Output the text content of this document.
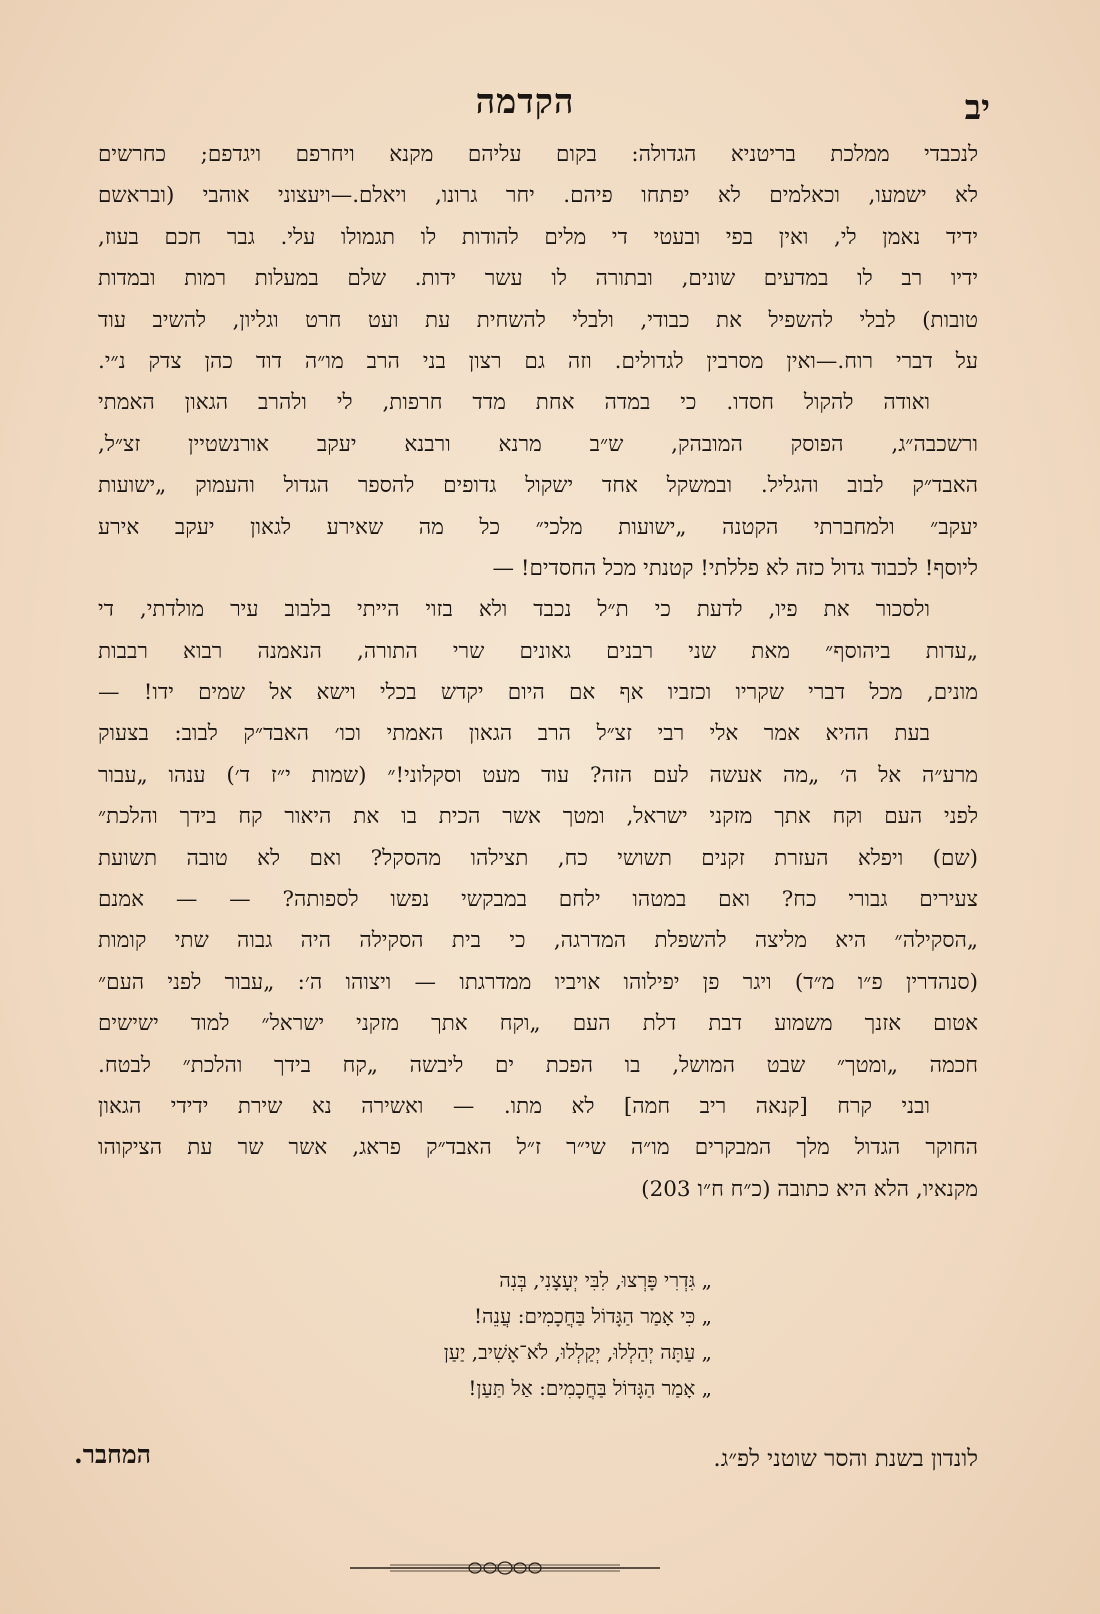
יב
הקדמה
לנכבדי ממלכת בריטניא הגדולה: בקום עליהם מקנא ויחרפם ויגדפם; כחרשים
לא ישמעו, וכאלמים לא יפתחו פיהם. יחר גרונו, ויאלם.—ויעצוני אוהבי (ובראשם
ידיד נאמן לי, ואין בפי ובעטי די מלים להודות לו תגמולו עלי. גבר חכם בעוז,
ידיו רב לו במדעים שונים, ובתורה לו עשר ידות. שלם במעלות רמות ובמדות
טובות) לבלי להשפיל את כבודי, ולבלי להשחית עת ועט חרט וגליון, להשיב עוד
על דברי רוח.—ואין מסרבין לגדולים. וזה גם רצון בני הרב מו״ה דוד כהן צדק נ״י.
ואודה להקול חסדו. כי במדה אחת מדד חרפות, לי ולהרב הגאון האמתי
ורשכבה״ג, הפוסק המובהק, ש״ב מרנא ורבנא יעקב אורנשטיין זצ״ל,
האבד״ק לבוב והגליל. ובמשקל אחד ישקול גדופים להספר הגדול והעמוק „ישועות
יעקב״ ולמחברתי הקטנה „ישועות מלכי״ כל מה שאירע לגאון יעקב אירע
ליוסף! לכבוד גדול כזה לא פללתי! קטנתי מכל החסדים! —
ולסכור את פיו, לדעת כי ת״ל נכבד ולא בזוי הייתי בלבוב עיר מולדתי, די
„עדות ביהוסף״ מאת שני רבנים גאונים שרי התורה, הנאמנה רבוא רבבות
מונים, מכל דברי שקריו וכזביו אף אם היום יקדש בכלי וישא אל שמים ידו! —
בעת ההיא אמר אלי רבי זצ״ל הרב הגאון האמתי וכו׳ האבד״ק לבוב: בצעוק
מרע״ה אל ה׳ „מה אעשה לעם הזה? עוד מעט וסקלוני!״ (שמות י״ז ד׳) ענהו „עבור
לפני העם וקח אתך מזקני ישראל, ומטך אשר הכית בו את היאור קח בידך והלכת״
(שם) ויפלא העזרת זקנים תשושי כח, תצילהו מהסקל? ואם לא טובה תשועת
צעירים גבורי כח? ואם במטהו ילחם במבקשי נפשו לספותה? — — אמנם
„הסקילה״ היא מליצה להשפלת המדרגה, כי בית הסקילה היה גבוה שתי קומות
(סנהדרין פ״ו מ״ד) ויגר פן יפילוהו אויביו ממדרגתו — ויצוהו ה׳: „עבור לפני העם״
אטום אזנך משמוע דבת דלת העם „וקח אתך מזקני ישראל״ למוד ישישים
חכמה „ומטך״ שבט המושל, בו הפכת ים ליבשה „קח בידך והלכת״ לבטח.
ובני קרח [קנאה ריב חמה] לא מתו. — ואשירה נא שירת ידידי הגאון
החוקר הגדול מלך המבקרים מו״ה שי״ר ז״ל האבד״ק פראג, אשר שר עת הציקוהו
מקנאיו, הלא היא כתובה (כ״ח ח״ו 203)
„ גִּדְרִי פָּרְצוּ, לִבִּי יְעָצָנִי, בְּנִה
„ כִּי אָמַר הַגָּדוֹל בַּחֲכָמִים: עֲנֵה!
„ עַתָּה יְהַלְלוּ, יְקַלְלוּ, לֹא־אָשִׁיב, יַעַן
„ אָמַר הַגָּדוֹל בַּחֲכָמִים: אַל תַּעַן!
לונדון בשנת והסר שוטני לפ״ג.
המחבר.
